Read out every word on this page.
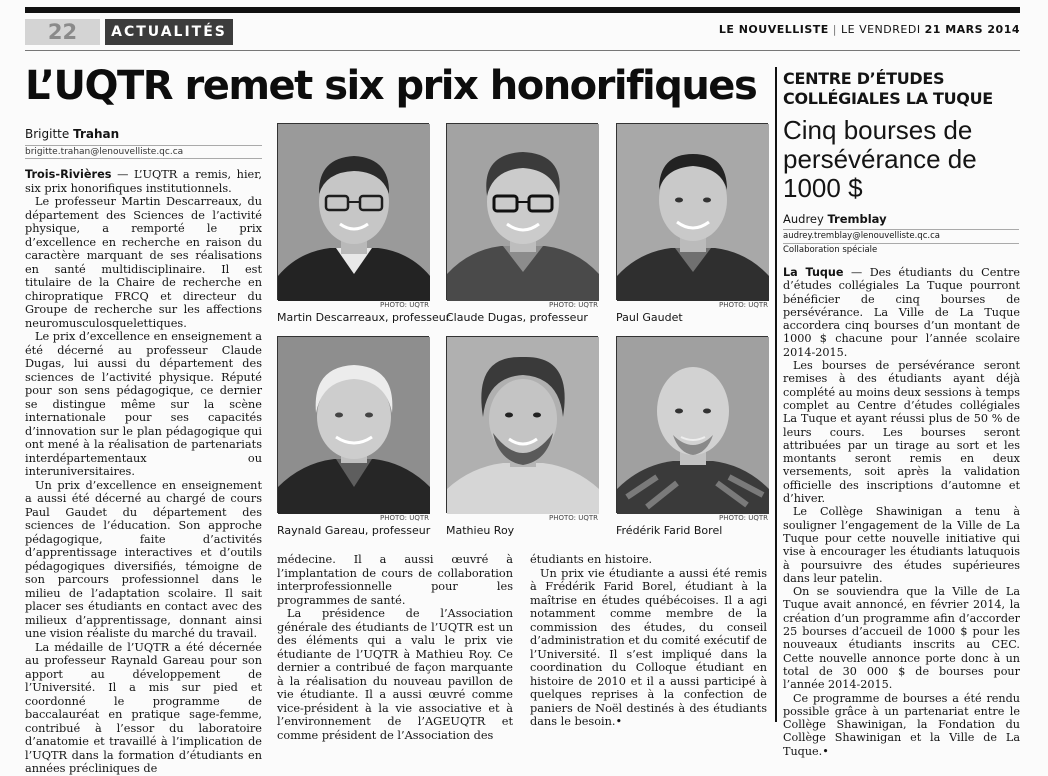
22	ACTUALITÉS	LE NOUVELLISTE | LE VENDREDI 21 MARS 2014
L’UQTR remet six prix honorifiques
Brigitte Trahan
brigitte.trahan@lenouvelliste.qc.ca

Trois-Rivières — L’UQTR a remis, hier, six prix honorifiques institutionnels.

Le professeur Martin Descarreaux, du département des Sciences de l’activité physique, a remporté le prix d’excellence en recherche en raison du caractère marquant de ses réalisations en santé multidisciplinaire. Il est titulaire de la Chaire de recherche en chiropratique FRCQ et directeur du Groupe de recherche sur les affections neuromusculosquelettiques.

Le prix d’excellence en enseignement a été décerné au professeur Claude Dugas, lui aussi du département des sciences de l’activité physique. Réputé pour son sens pédagogique, ce dernier se distingue même sur la scène internationale pour ses capacités d’innovation sur le plan pédagogique qui ont mené à la réalisation de partenariats interdépartementaux ou interuniversitaires.

Un prix d’excellence en enseignement a aussi été décerné au chargé de cours Paul Gaudet du département des sciences de l’éducation. Son approche pédagogique, faite d’activités d’apprentissage interactives et d’outils pédagogiques diversifiés, témoigne de son parcours professionnel dans le milieu de l’adaptation scolaire. Il sait placer ses étudiants en contact avec des milieux d’apprentissage, donnant ainsi une vision réaliste du marché du travail.

La médaille de l’UQTR a été décernée au professeur Raynald Gareau pour son apport au développement de l’Université. Il a mis sur pied et coordonné le programme de baccalauréat en pratique sage-femme, contribué à l’essor du laboratoire d’anatomie et travaillé à l’implication de l’UQTR dans la formation d’étudiants en années précliniques de

PHOTO: UQTR
Martin Descarreaux, professeur
PHOTO: UQTR
Claude Dugas, professeur
PHOTO: UQTR
Paul Gaudet
PHOTO: UQTR
Raynald Gareau, professeur
PHOTO: UQTR
Mathieu Roy
PHOTO: UQTR
Frédérik Farid Borel

médecine. Il a aussi œuvré à l’implantation de cours de collaboration interprofessionnelle pour les programmes de santé.

La présidence de l’Association générale des étudiants de l’UQTR est un des éléments qui a valu le prix vie étudiante de l’UQTR à Mathieu Roy. Ce dernier a contribué de façon marquante à la réalisation du nouveau pavillon de vie étudiante. Il a aussi œuvré comme vice-président à la vie associative et à l’environnement de l’AGEUQTR et comme président de l’Association des

étudiants en histoire.

Un prix vie étudiante a aussi été remis à Frédérik Farid Borel, étudiant à la maîtrise en études québécoises. Il a agi notamment comme membre de la commission des études, du conseil d’administration et du comité exécutif de l’Université. Il s’est impliqué dans la coordination du Colloque étudiant en histoire de 2010 et il a aussi participé à quelques reprises à la confection de paniers de Noël destinés à des étudiants dans le besoin.•

CENTRE D’ÉTUDES COLLÉGIALES LA TUQUE
Cinq bourses de persévérance de 1000 $
Audrey Tremblay
audrey.tremblay@lenouvelliste.qc.ca
Collaboration spéciale

La Tuque — Des étudiants du Centre d’études collégiales La Tuque pourront bénéficier de cinq bourses de persévérance. La Ville de La Tuque accordera cinq bourses d’un montant de 1000 $ chacune pour l’année scolaire 2014-2015.

Les bourses de persévérance seront remises à des étudiants ayant déjà complété au moins deux sessions à temps complet au Centre d’études collégiales La Tuque et ayant réussi plus de 50 % de leurs cours. Les bourses seront attribuées par un tirage au sort et les montants seront remis en deux versements, soit après la validation officielle des inscriptions d’automne et d’hiver.

Le Collège Shawinigan a tenu à souligner l’engagement de la Ville de La Tuque pour cette nouvelle initiative qui vise à encourager les étudiants latuquois à poursuivre des études supérieures dans leur patelin.

On se souviendra que la Ville de La Tuque avait annoncé, en février 2014, la création d’un programme afin d’accorder 25 bourses d’accueil de 1000 $ pour les nouveaux étudiants inscrits au CEC. Cette nouvelle annonce porte donc à un total de 30 000 $ de bourses pour l’année 2014-2015.

Ce programme de bourses a été rendu possible grâce à un partenariat entre le Collège Shawinigan, la Fondation du Collège Shawinigan et la Ville de La Tuque.•
